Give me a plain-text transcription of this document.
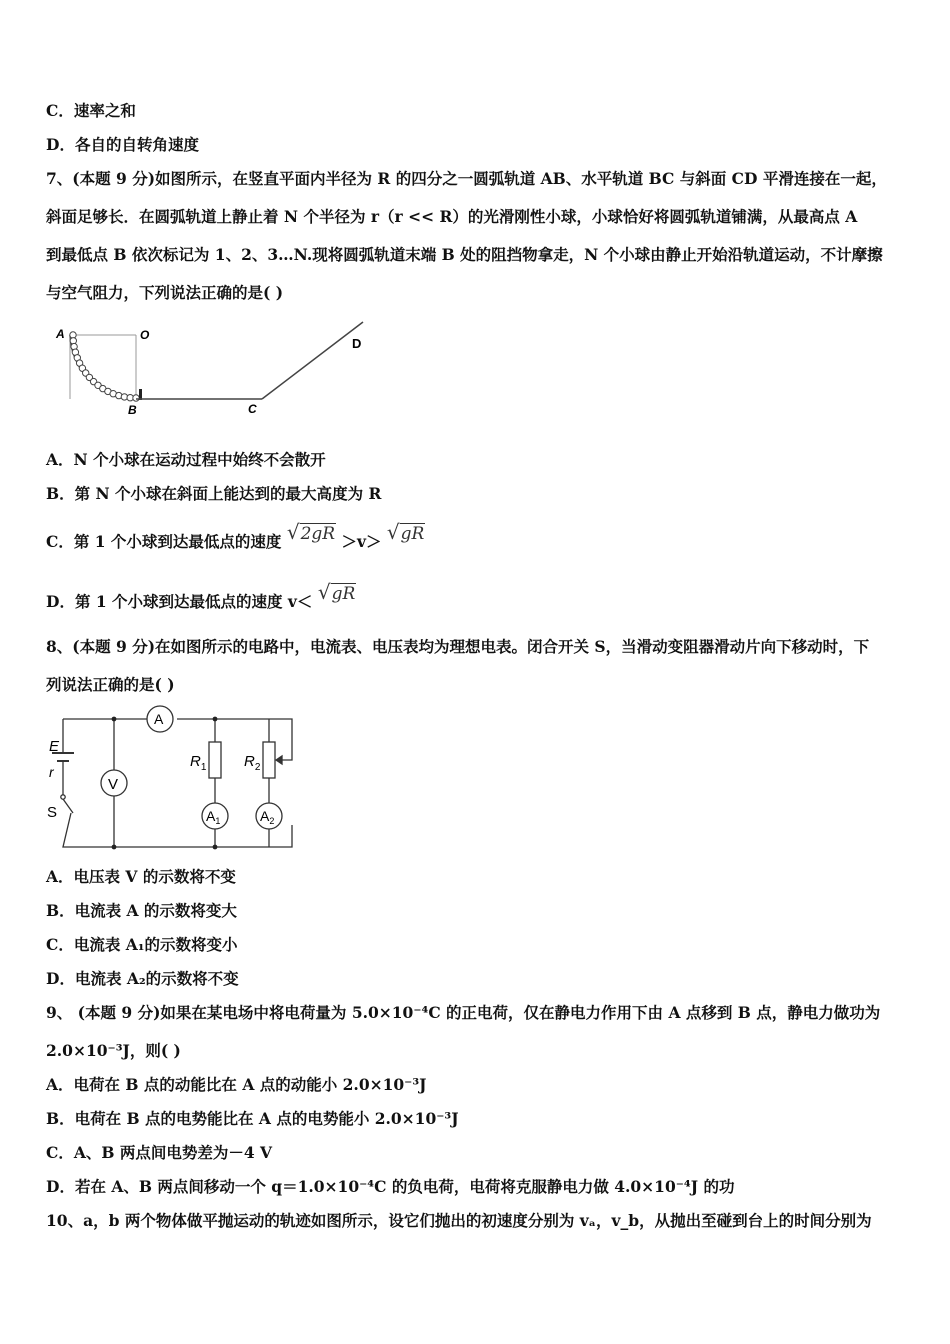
C．速率之和
D．各自的自转角速度
7、(本题 9 分)如图所示，在竖直平面内半径为 R 的四分之一圆弧轨道 AB、水平轨道 BC 与斜面 CD 平滑连接在一起，
斜面足够长．在圆弧轨道上静止着 N 个半径为 r（r << R）的光滑刚性小球，小球恰好将圆弧轨道铺满，从最高点 A
到最低点 B 依次标记为 1、2、3…N.现将圆弧轨道末端 B 处的阻挡物拿走，N 个小球由静止开始沿轨道运动，不计摩擦
与空气阻力，下列说法正确的是( )
A	O
B	C
D
A．N 个小球在运动过程中始终不会散开
B．第 N 个小球在斜面上能达到的最大高度为 R
C．第 1 个小球到达最低点的速度 √2gR ＞v＞ √gR
D．第 1 个小球到达最低点的速度 v＜ √gR
8、(本题 9 分)在如图所示的电路中，电流表、电压表均为理想电表。闭合开关 S，当滑动变阻器滑动片向下移动时，下
列说法正确的是( )
E
r
S
V
A
$R_1$	$R_2$
$A_1$	$A_2$
A．电压表 V 的示数将不变
B．电流表 A 的示数将变大
C．电流表 A₁的示数将变小
D．电流表 A₂的示数将不变
9、 (本题 9 分)如果在某电场中将电荷量为 5.0×10⁻⁴C 的正电荷，仅在静电力作用下由 A 点移到 B 点，静电力做功为
2.0×10⁻³J，则( )
A．电荷在 B 点的动能比在 A 点的动能小 2.0×10⁻³J
B．电荷在 B 点的电势能比在 A 点的电势能小 2.0×10⁻³J
C．A、B 两点间电势差为－4 V
D．若在 A、B 两点间移动一个 q＝1.0×10⁻⁴C 的负电荷，电荷将克服静电力做 4.0×10⁻⁴J 的功
10、a，b 两个物体做平抛运动的轨迹如图所示，设它们抛出的初速度分别为 vₐ，v_b，从抛出至碰到台上的时间分别为
